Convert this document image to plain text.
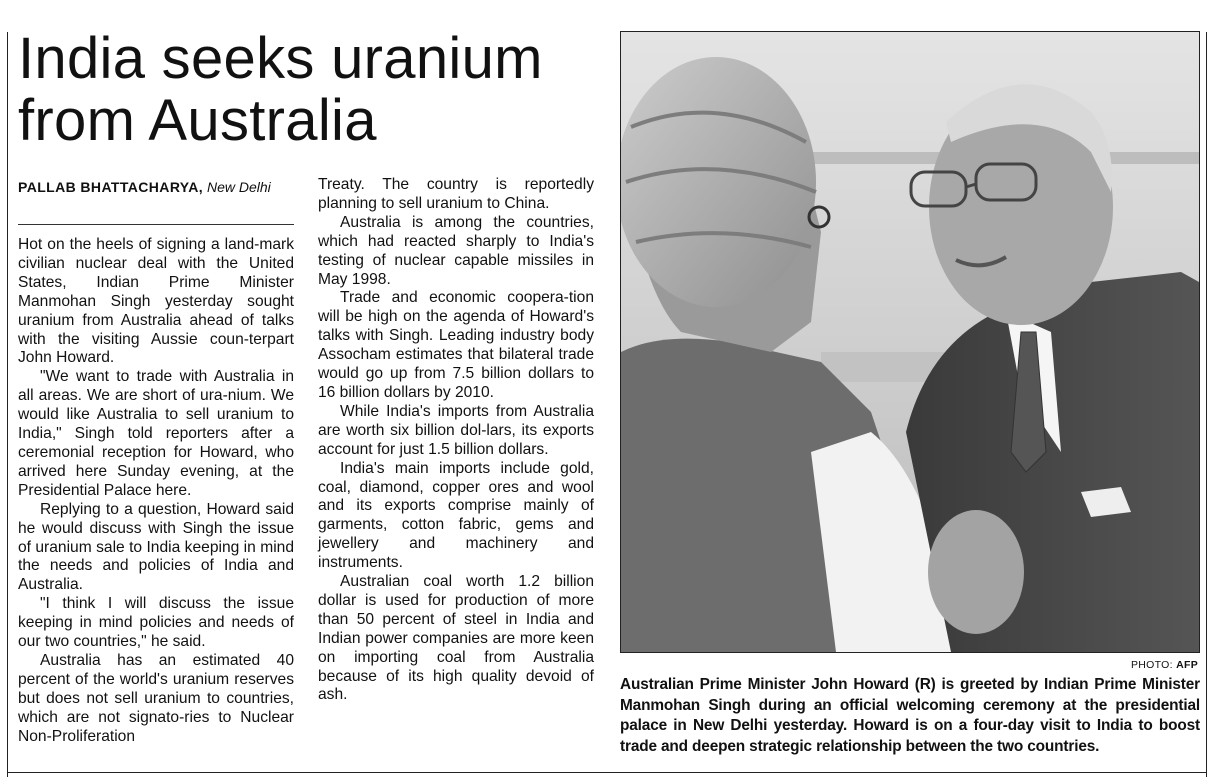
India seeks uranium from Australia
PALLAB BHATTACHARYA, New Delhi

Hot on the heels of signing a land-mark civilian nuclear deal with the United States, Indian Prime Minister Manmohan Singh yesterday sought uranium from Australia ahead of talks with the visiting Aussie coun-terpart John Howard.

"We want to trade with Australia in all areas. We are short of ura-nium. We would like Australia to sell uranium to India," Singh told reporters after a ceremonial reception for Howard, who arrived here Sunday evening, at the Presidential Palace here.

Replying to a question, Howard said he would discuss with Singh the issue of uranium sale to India keeping in mind the needs and policies of India and Australia.

"I think I will discuss the issue keeping in mind policies and needs of our two countries," he said.

Australia has an estimated 40 percent of the world's uranium reserves but does not sell uranium to countries, which are not signato-ries to Nuclear Non-Proliferation

Treaty. The country is reportedly planning to sell uranium to China.

Australia is among the countries, which had reacted sharply to India's testing of nuclear capable missiles in May 1998.

Trade and economic coopera-tion will be high on the agenda of Howard's talks with Singh. Leading industry body Assocham estimates that bilateral trade would go up from 7.5 billion dollars to 16 billion dollars by 2010.

While India's imports from Australia are worth six billion dol-lars, its exports account for just 1.5 billion dollars.

India's main imports include gold, coal, diamond, copper ores and wool and its exports comprise mainly of garments, cotton fabric, gems and jewellery and machinery and instruments.

Australian coal worth 1.2 billion dollar is used for production of more than 50 percent of steel in India and Indian power companies are more keen on importing coal from Australia because of its high quality devoid of ash.

PHOTO: AFP

Australian Prime Minister John Howard (R) is greeted by Indian Prime Minister Manmohan Singh during an official welcoming ceremony at the presidential palace in New Delhi yesterday. Howard is on a four-day visit to India to boost trade and deepen strategic relationship between the two countries.
